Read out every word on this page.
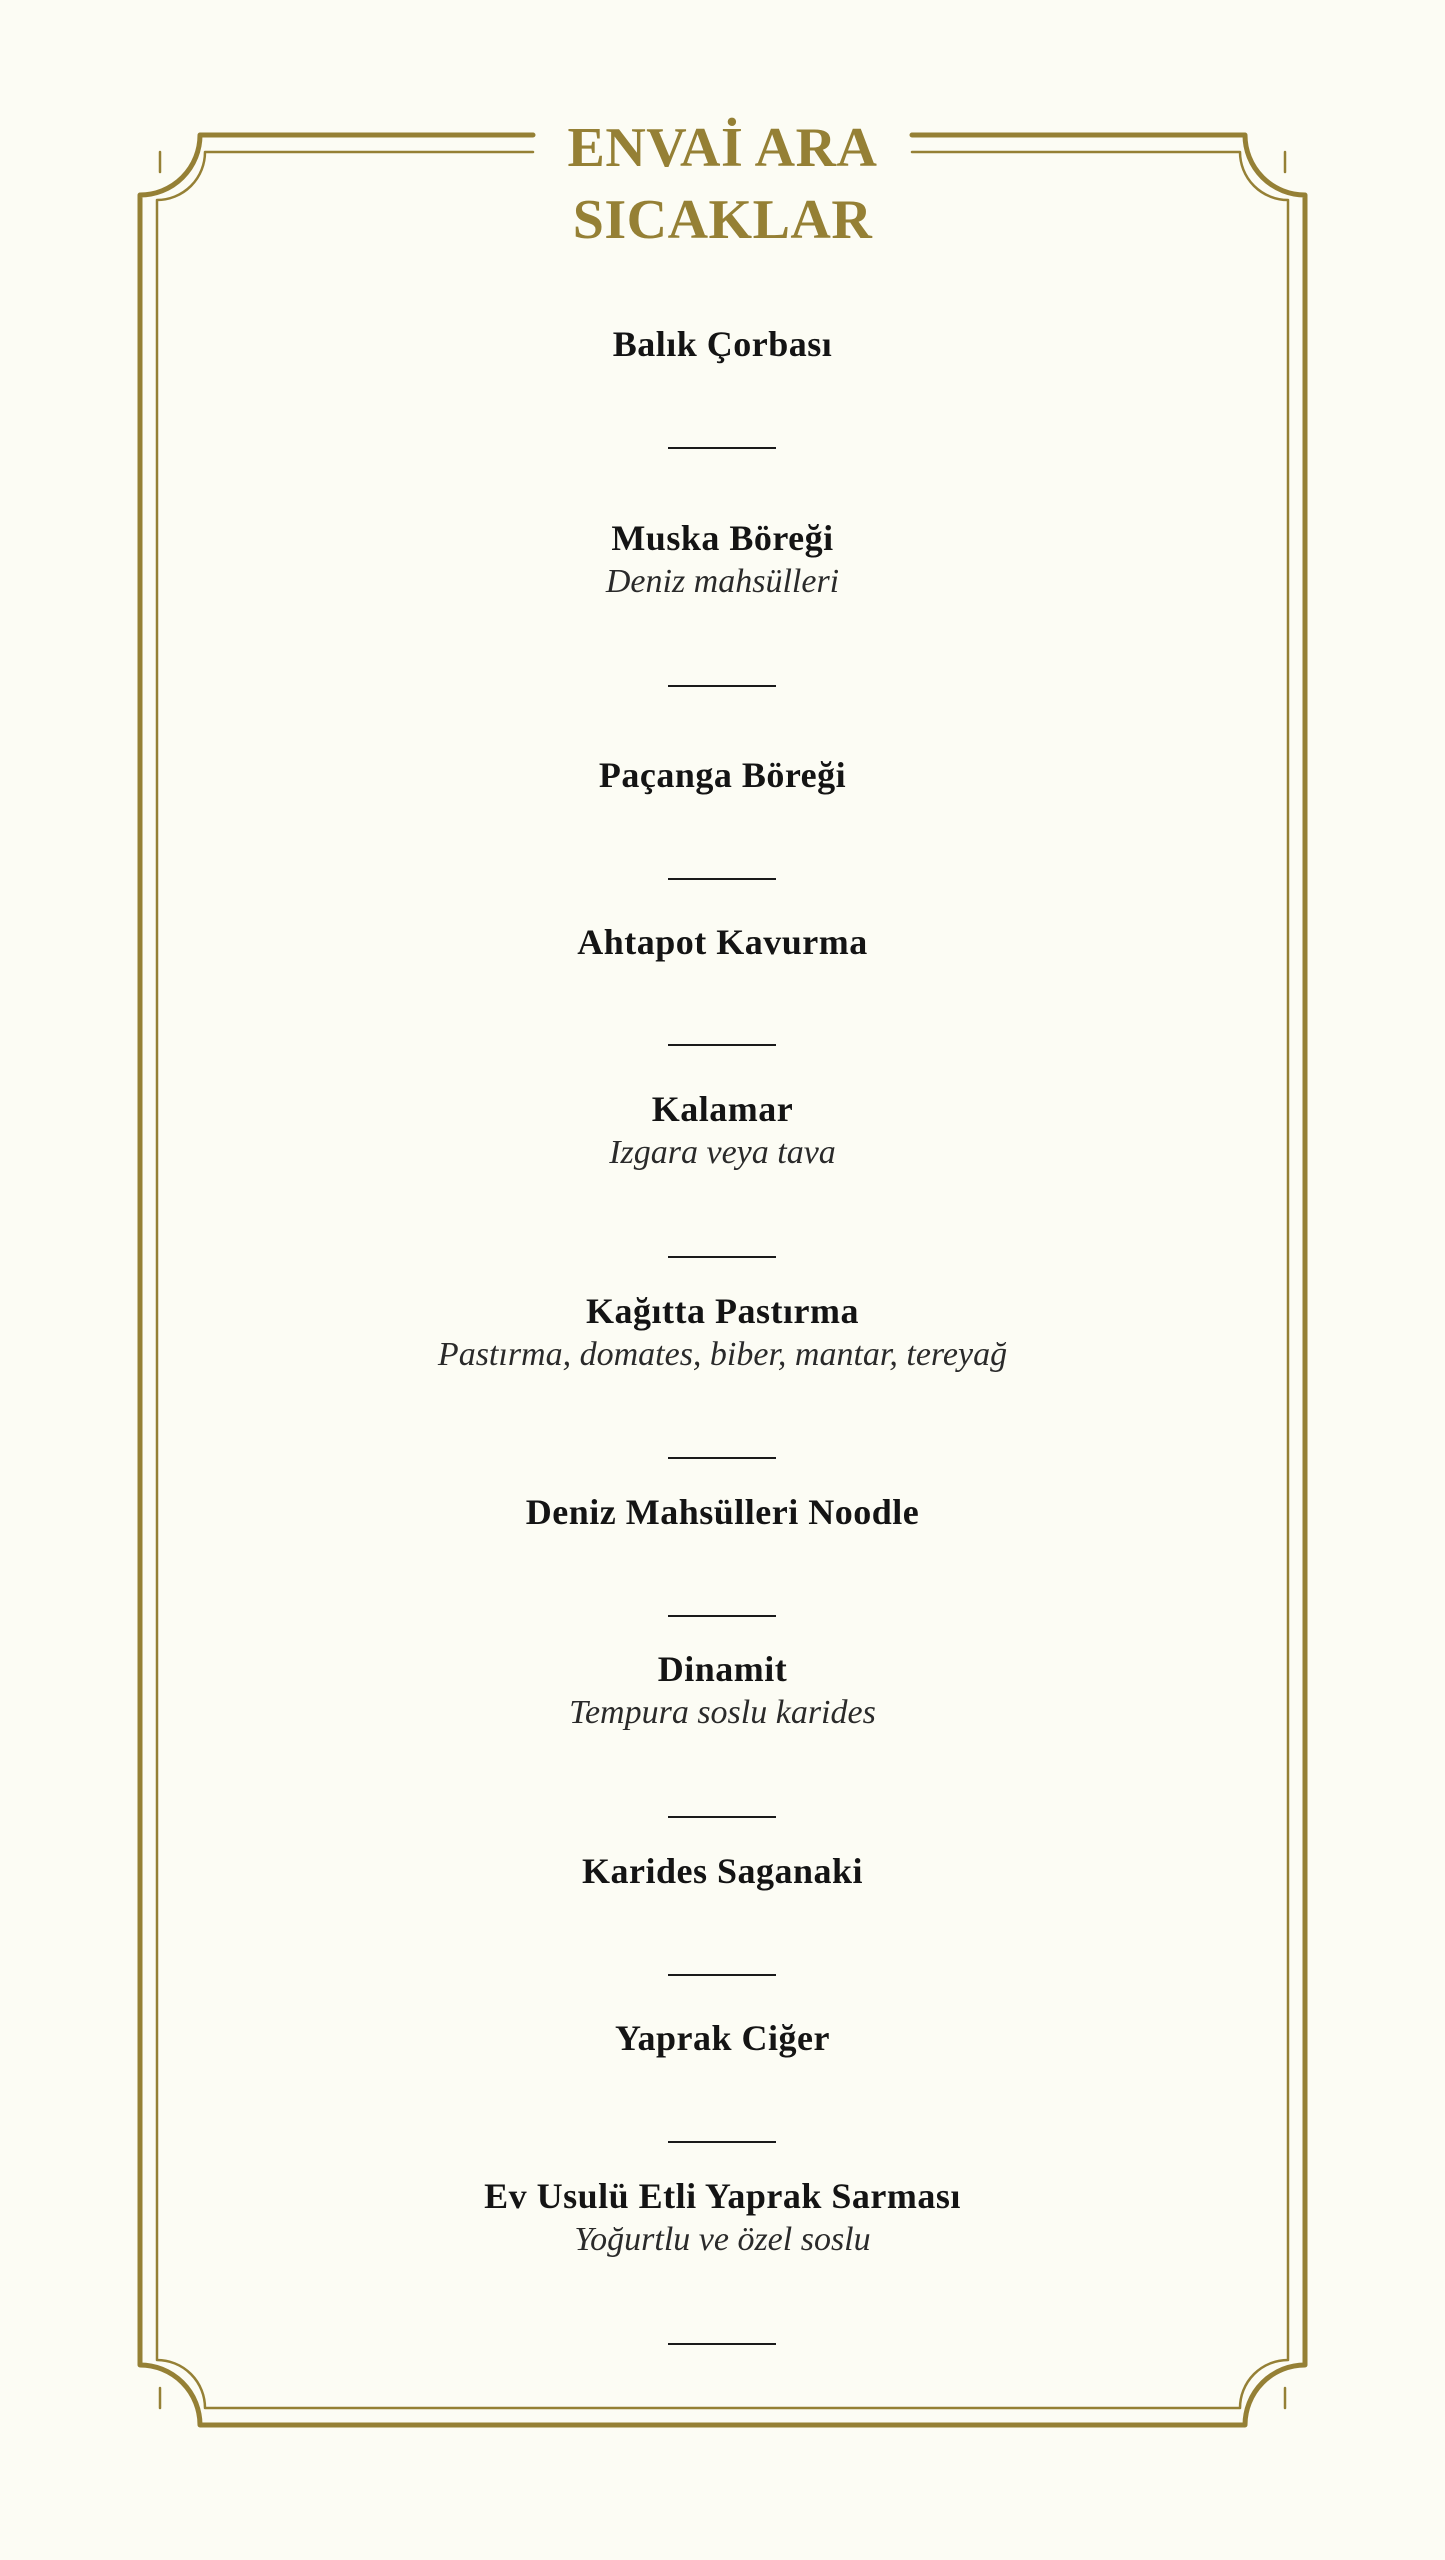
ENVAİ ARA
SICAKLAR
Balık Çorbası
Muska Böreği
Deniz mahsülleri
Paçanga Böreği
Ahtapot Kavurma
Kalamar
Izgara veya tava
Kağıtta Pastırma
Pastırma, domates, biber, mantar, tereyağ
Deniz Mahsülleri Noodle
Dinamit
Tempura soslu karides
Karides Saganaki
Yaprak Ciğer
Ev Usulü Etli Yaprak Sarması
Yoğurtlu ve özel soslu
